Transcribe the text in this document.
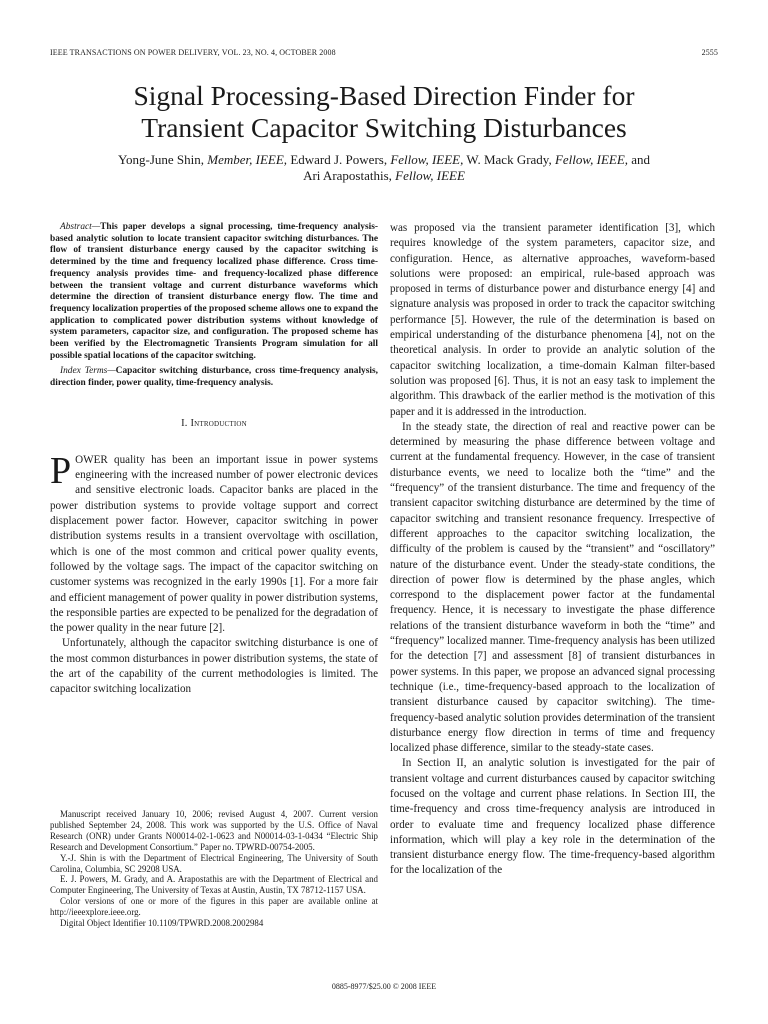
IEEE TRANSACTIONS ON POWER DELIVERY, VOL. 23, NO. 4, OCTOBER 2008	2555
Signal Processing-Based Direction Finder for
Transient Capacitor Switching Disturbances
Yong-June Shin, Member, IEEE, Edward J. Powers, Fellow, IEEE, W. Mack Grady, Fellow, IEEE, and
Ari Arapostathis, Fellow, IEEE

Abstract—This paper develops a signal processing, time-frequency analysis-based analytic solution to locate transient capacitor switching disturbances. The flow of transient disturbance energy caused by the capacitor switching is determined by the time and frequency localized phase difference. Cross time-frequency analysis provides time- and frequency-localized phase difference between the transient voltage and current disturbance waveforms which determine the direction of transient disturbance energy flow. The time and frequency localization properties of the proposed scheme allows one to expand the application to complicated power distribution systems without knowledge of system parameters, capacitor size, and configuration. The proposed scheme has been verified by the Electromagnetic Transients Program simulation for all possible spatial locations of the capacitor switching.

Index Terms—Capacitor switching disturbance, cross time-frequency analysis, direction finder, power quality, time-frequency analysis.

I. Introduction

POWER quality has been an important issue in power systems engineering with the increased number of power electronic devices and sensitive electronic loads. Capacitor banks are placed in the power distribution systems to provide voltage support and correct displacement power factor. However, capacitor switching in power distribution systems results in a transient overvoltage with oscillation, which is one of the most common and critical power quality events, followed by the voltage sags. The impact of the capacitor switching on customer systems was recognized in the early 1990s [1]. For a more fair and efficient management of power quality in power distribution systems, the responsible parties are expected to be penalized for the degradation of the power quality in the near future [2].

Unfortunately, although the capacitor switching disturbance is one of the most common disturbances in power distribution systems, the state of the art of the capability of the current methodologies is limited. The capacitor switching localization

Manuscript received January 10, 2006; revised August 4, 2007. Current version published September 24, 2008. This work was supported by the U.S. Office of Naval Research (ONR) under Grants N00014-02-1-0623 and N00014-03-1-0434 “Electric Ship Research and Development Consortium.” Paper no. TPWRD-00754-2005.

Y.-J. Shin is with the Department of Electrical Engineering, The University of South Carolina, Columbia, SC 29208 USA.

E. J. Powers, M. Grady, and A. Arapostathis are with the Department of Electrical and Computer Engineering, The University of Texas at Austin, Austin, TX 78712-1157 USA.

Color versions of one or more of the figures in this paper are available online at http://ieeexplore.ieee.org.

Digital Object Identifier 10.1109/TPWRD.2008.2002984

was proposed via the transient parameter identification [3], which requires knowledge of the system parameters, capacitor size, and configuration. Hence, as alternative approaches, waveform-based solutions were proposed: an empirical, rule-based approach was proposed in terms of disturbance power and disturbance energy [4] and signature analysis was proposed in order to track the capacitor switching performance [5]. However, the rule of the determination is based on empirical understanding of the disturbance phenomena [4], not on the theoretical analysis. In order to provide an analytic solution of the capacitor switching localization, a time-domain Kalman filter-based solution was proposed [6]. Thus, it is not an easy task to implement the algorithm. This drawback of the earlier method is the motivation of this paper and it is addressed in the introduction.

In the steady state, the direction of real and reactive power can be determined by measuring the phase difference between voltage and current at the fundamental frequency. However, in the case of transient disturbance events, we need to localize both the “time” and the “frequency” of the transient disturbance. The time and frequency of the transient capacitor switching disturbance are determined by the time of capacitor switching and transient resonance frequency. Irrespective of different approaches to the capacitor switching localization, the difficulty of the problem is caused by the “transient” and “oscillatory” nature of the disturbance event. Under the steady-state conditions, the direction of power flow is determined by the phase angles, which correspond to the displacement power factor at the fundamental frequency. Hence, it is necessary to investigate the phase difference relations of the transient disturbance waveform in both the “time” and “frequency” localized manner. Time-frequency analysis has been utilized for the detection [7] and assessment [8] of transient disturbances in power systems. In this paper, we propose an advanced signal processing technique (i.e., time-frequency-based approach to the localization of transient disturbance caused by capacitor switching). The time-frequency-based analytic solution provides determination of the transient disturbance energy flow direction in terms of time and frequency localized phase difference, similar to the steady-state cases.

In Section II, an analytic solution is investigated for the pair of transient voltage and current disturbances caused by capacitor switching focused on the voltage and current phase relations. In Section III, the time-frequency and cross time-frequency analysis are introduced in order to evaluate time and frequency localized phase difference information, which will play a key role in the determination of the transient disturbance energy flow. The time-frequency-based algorithm for the localization of the

0885-8977/$25.00 © 2008 IEEE
